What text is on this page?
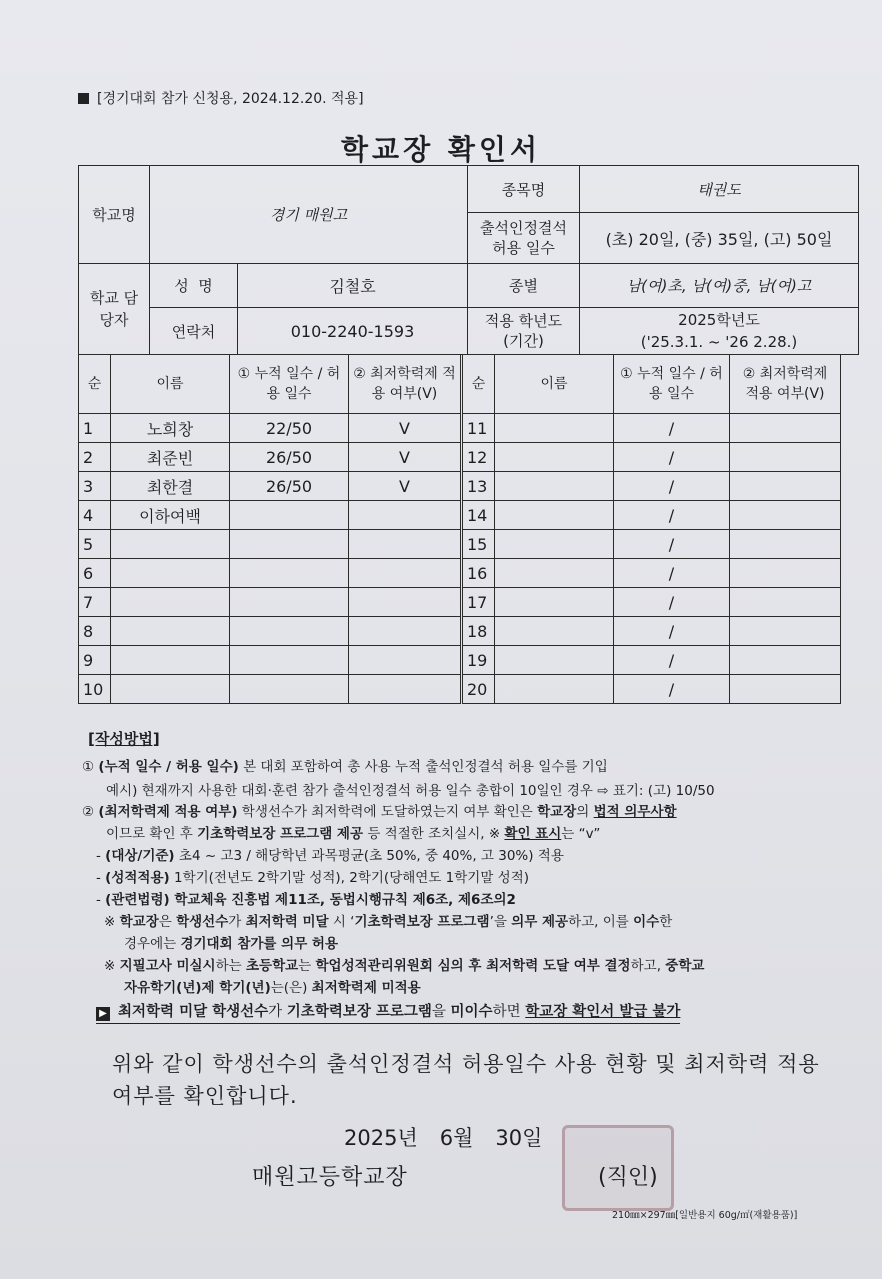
[경기대회 참가 신청용, 2024.12.20. 적용]
학교장 확인서
학교명	경기 매원고		종목명	태권도
			출석인정결석 허용 일수	(초) 20일, (중) 35일, (고) 50일
학교 담당자	성  명	김철호	종별	남(여)초, 남(여)중, 남(여)고
	연락처	010-2240-1593	적용 학년도 (기간)	2025학년도
('25.3.1. ~ '26 2.28.)
순	이름	① 누적 일수 / 허용 일수	② 최저학력제 적용 여부(V)	순	이름	① 누적 일수 / 허용 일수	② 최저학력제 적용 여부(V)
1	노희창	22/50	V	11		/	
2	최준빈	26/50	V	12		/	
3	최한결	26/50	V	13		/	
4	이하여백			14		/	
5				15		/	
6				16		/	
7				17		/	
8				18		/	
9				19		/	
10				20		/	
[작성방법]
① (누적 일수 / 허용 일수) 본 대회 포함하여 총 사용 누적 출석인정결석 허용 일수를 기입
예시) 현재까지 사용한 대회·훈련 참가 출석인정결석 허용 일수 총합이 10일인 경우 ⇨ 표기: (고) 10/50
② (최저학력제 적용 여부) 학생선수가 최저학력에 도달하였는지 여부 확인은 학교장의 법적 의무사항
이므로 확인 후 기초학력보장 프로그램 제공 등 적절한 조치실시, ※ 확인 표시는 “v”
- (대상/기준) 초4 ~ 고3 / 해당학년 과목평균(초 50%, 중 40%, 고 30%) 적용
- (성적적용) 1학기(전년도 2학기말 성적), 2학기(당해연도 1학기말 성적)
- (관련법령) 학교체육 진흥법 제11조, 동법시행규칙 제6조, 제6조의2
※ 학교장은 학생선수가 최저학력 미달 시 ‘기초학력보장 프로그램’을 의무 제공하고, 이를 이수한
경우에는 경기대회 참가를 의무 허용
※ 지필고사 미실시하는 초등학교는 학업성적관리위원회 심의 후 최저학력 도달 여부 결정하고, 중학교
자유학기(년)제 학기(년)는(은) 최저학력제 미적용
▶ 최저학력 미달 학생선수가 기초학력보장 프로그램을 미이수하면 학교장 확인서 발급 불가
위와 같이 학생선수의 출석인정결석 허용일수 사용 현황 및 최저학력 적용 여부를 확인합니다.
2025년 6월 30일
매원고등학교장	(직인)
210㎜×297㎜[일반용지 60g/㎡(재활용품)]
